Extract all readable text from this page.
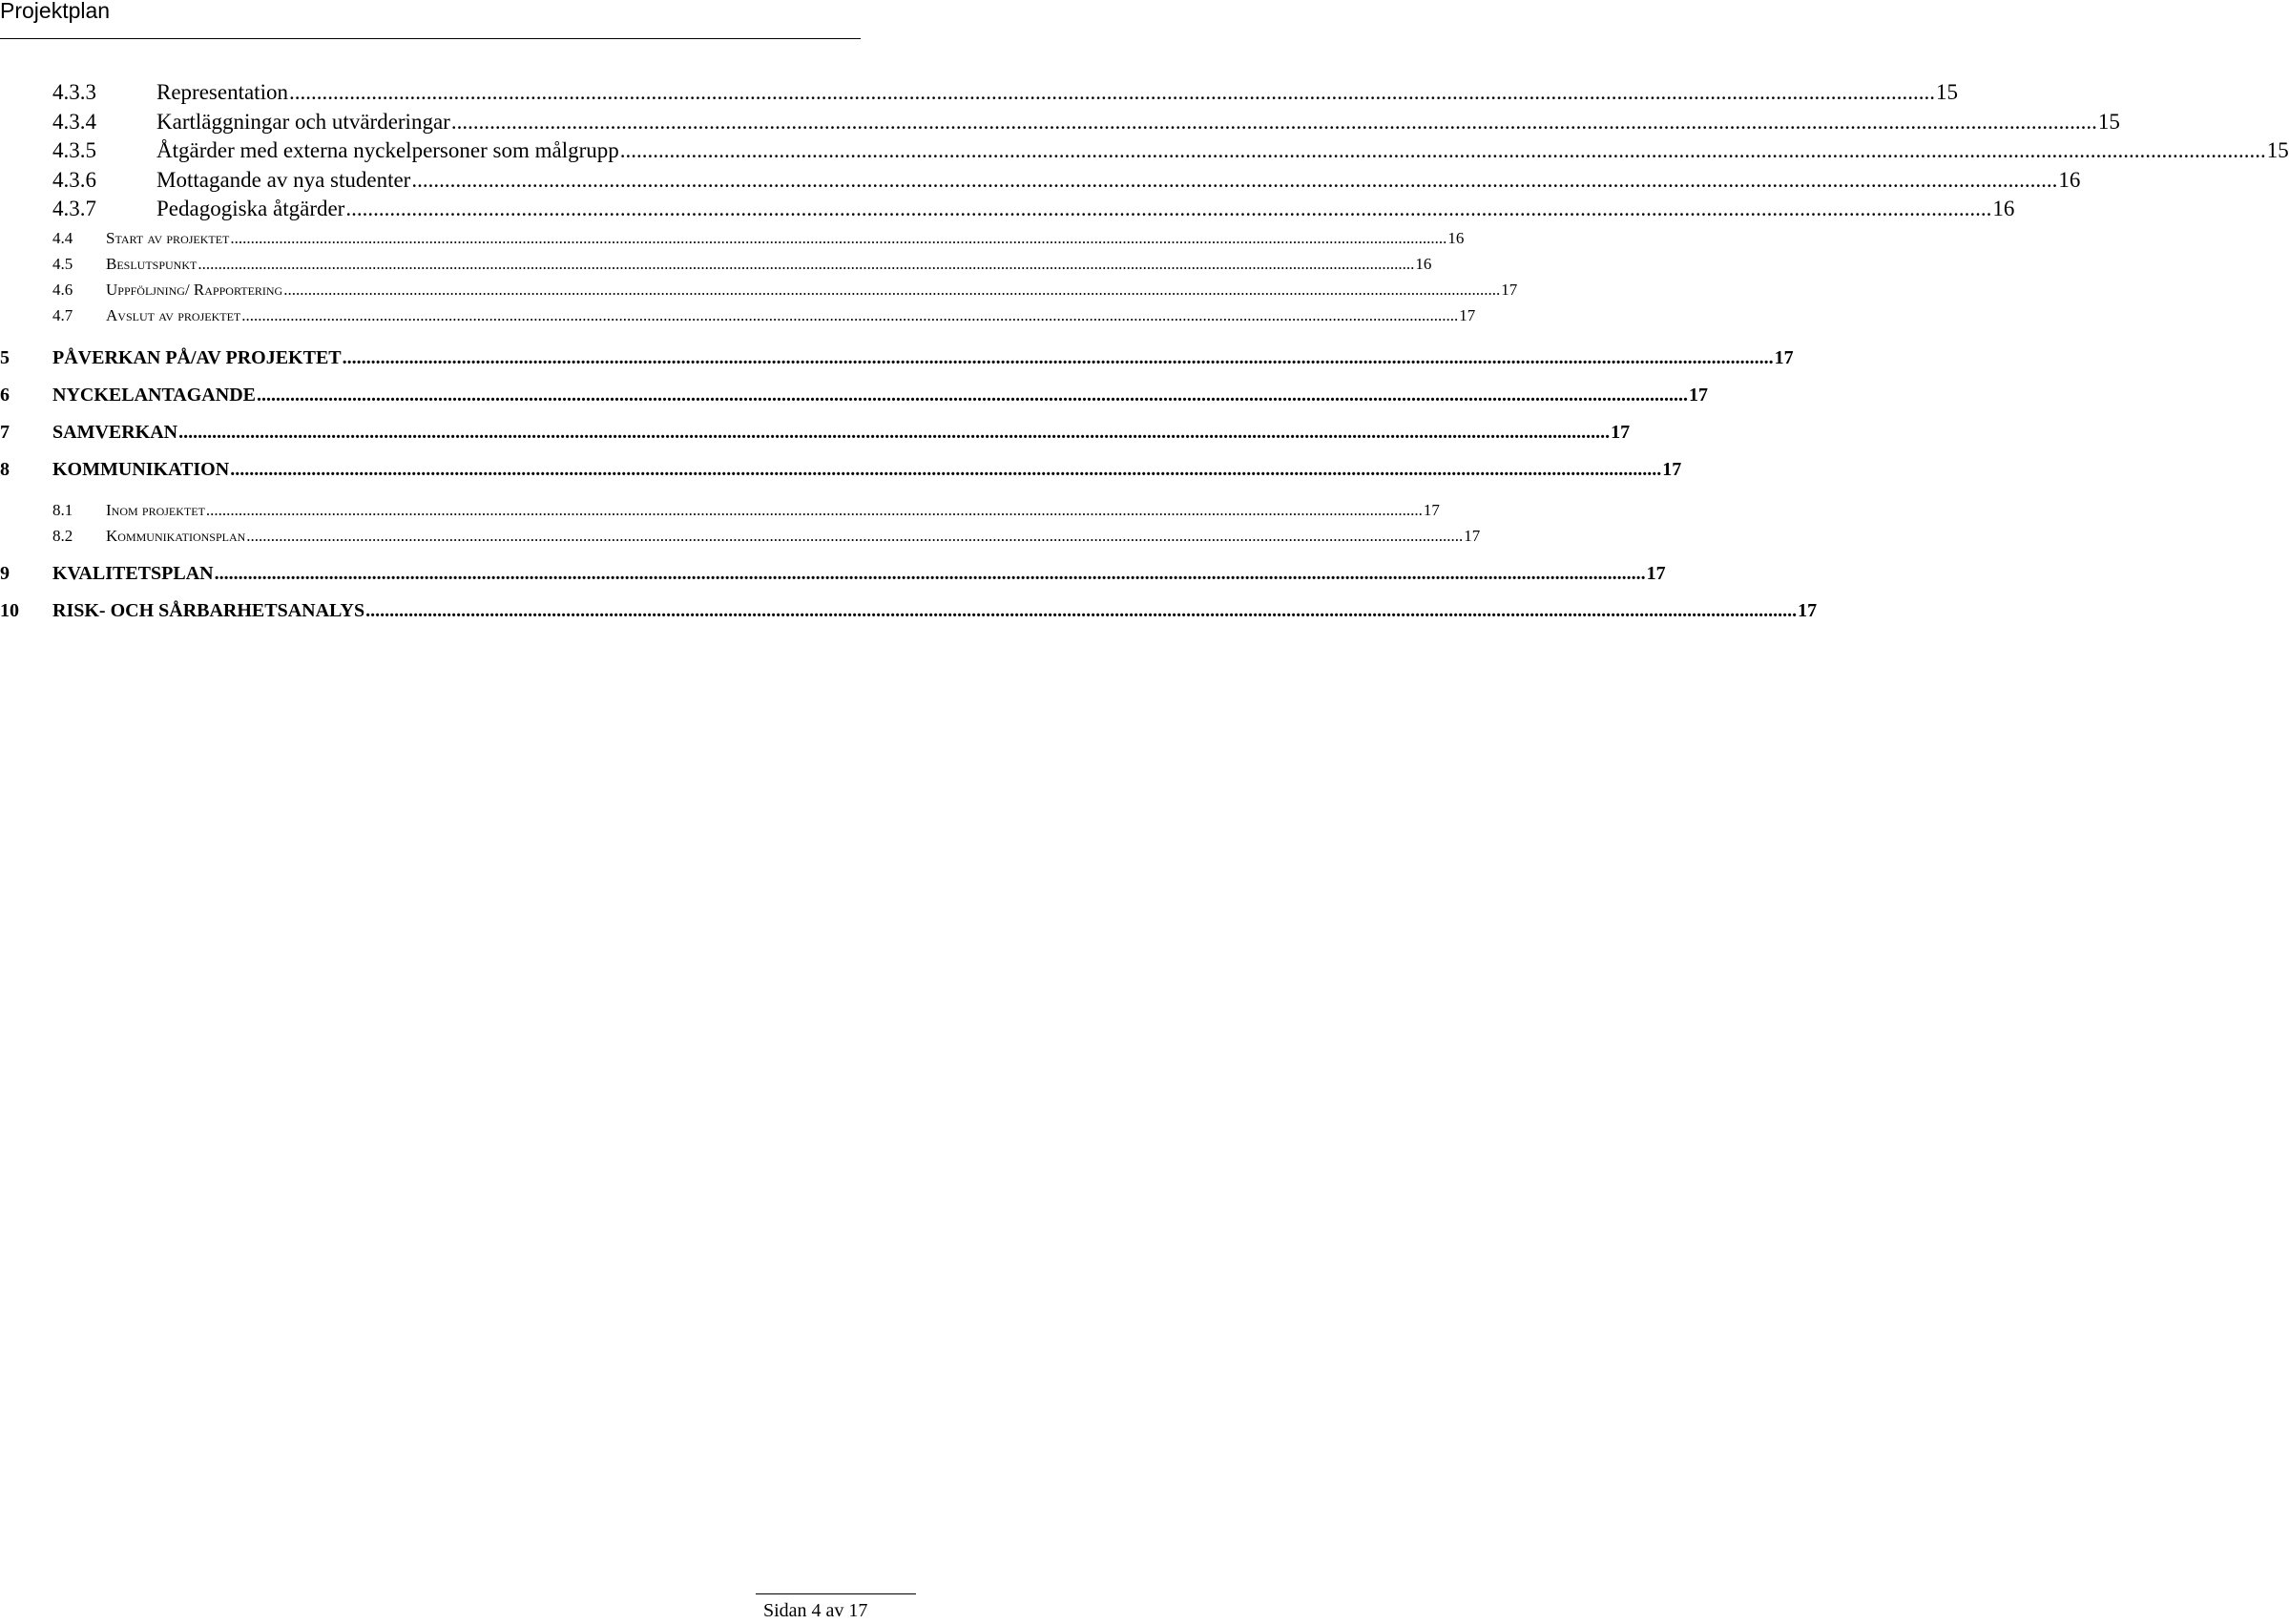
Projektplan
4.3.3	Representation ............................................................................................................................................................................................................................................................................................................ 15
4.3.4	Kartläggningar och utvärderingar ............................................................................................................................................................................................................................................................................................................ 15
4.3.5	Åtgärder med externa nyckelpersoner som målgrupp ............................................................................................................................................................................................................................................................................................................ 15
4.3.6	Mottagande av nya studenter ............................................................................................................................................................................................................................................................................................................ 16
4.3.7	Pedagogiska åtgärder ............................................................................................................................................................................................................................................................................................................ 16
4.4	Start av projektet ............................................................................................................................................................................................................................................................................................................ 16
4.5	Beslutspunkt ............................................................................................................................................................................................................................................................................................................ 16
4.6	Uppföljning/ Rapportering ............................................................................................................................................................................................................................................................................................................ 17
4.7	Avslut av projektet ............................................................................................................................................................................................................................................................................................................ 17
5	PÅVERKAN PÅ/AV PROJEKTET ............................................................................................................................................................................................................................................................................................................ 17
6	NYCKELANTAGANDE ............................................................................................................................................................................................................................................................................................................ 17
7	SAMVERKAN ............................................................................................................................................................................................................................................................................................................ 17
8	KOMMUNIKATION ............................................................................................................................................................................................................................................................................................................ 17
8.1	Inom projektet ............................................................................................................................................................................................................................................................................................................ 17
8.2	Kommunikationsplan ............................................................................................................................................................................................................................................................................................................ 17
9	KVALITETSPLAN ............................................................................................................................................................................................................................................................................................................ 17
10	RISK- OCH SÅRBARHETSANALYS ............................................................................................................................................................................................................................................................................................................ 17
Sidan 4 av 17
